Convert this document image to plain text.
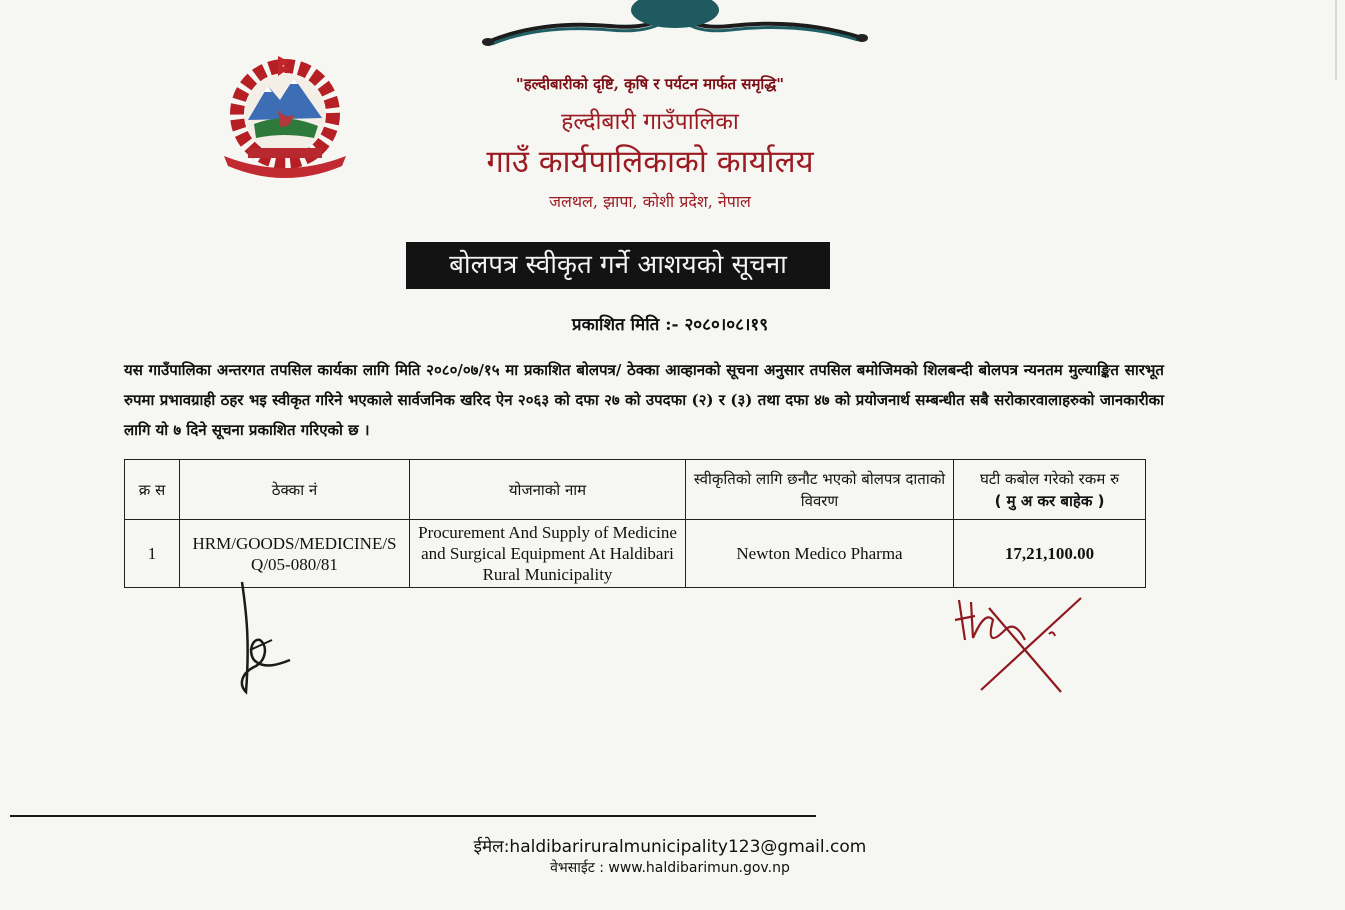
"हल्दीबारीको दृष्टि, कृषि र पर्यटन मार्फत समृद्धि"
हल्दीबारी गाउँपालिका
गाउँ कार्यपालिकाको कार्यालय
जलथल, झापा, कोशी प्रदेश, नेपाल
बोलपत्र स्वीकृत गर्ने आशयको सूचना
प्रकाशित मिति :- २०८०।०८।१९
यस गाउँपालिका अन्तरगत तपसिल कार्यका लागि मिति २०८०/०७/१५ मा प्रकाशित बोलपत्र/ ठेक्का आव्हानको सूचना अनुसार तपसिल बमोजिमको शिलबन्दी बोलपत्र न्यनतम मुल्याङ्कित सारभूत रुपमा प्रभावग्राही ठहर भइ स्वीकृत गरिने भएकाले सार्वजनिक खरिद ऐन २०६३ को दफा २७ को उपदफा (२) र (३) तथा दफा ४७ को प्रयोजनार्थ सम्बन्धीत सबै सरोकारवालाहरुको जानकारीका लागि यो ७ दिने सूचना प्रकाशित गरिएको छ ।
क्र स	ठेक्का नं	योजनाको नाम	स्वीकृतिको लागि छनौट भएको बोलपत्र दाताको विवरण	घटी कबोल गरेको रकम रु
( मु अ कर बाहेक )

1	HRM/GOODS/MEDICINE/SQ/05-080/81	Procurement And Supply of Medicine and Surgical Equipment At Haldibari Rural Municipality	Newton Medico Pharma	17,21,100.00
ईमेल:haldibariruralmunicipality123@gmail.com
वेभसाईट : www.haldibarimun.gov.np
